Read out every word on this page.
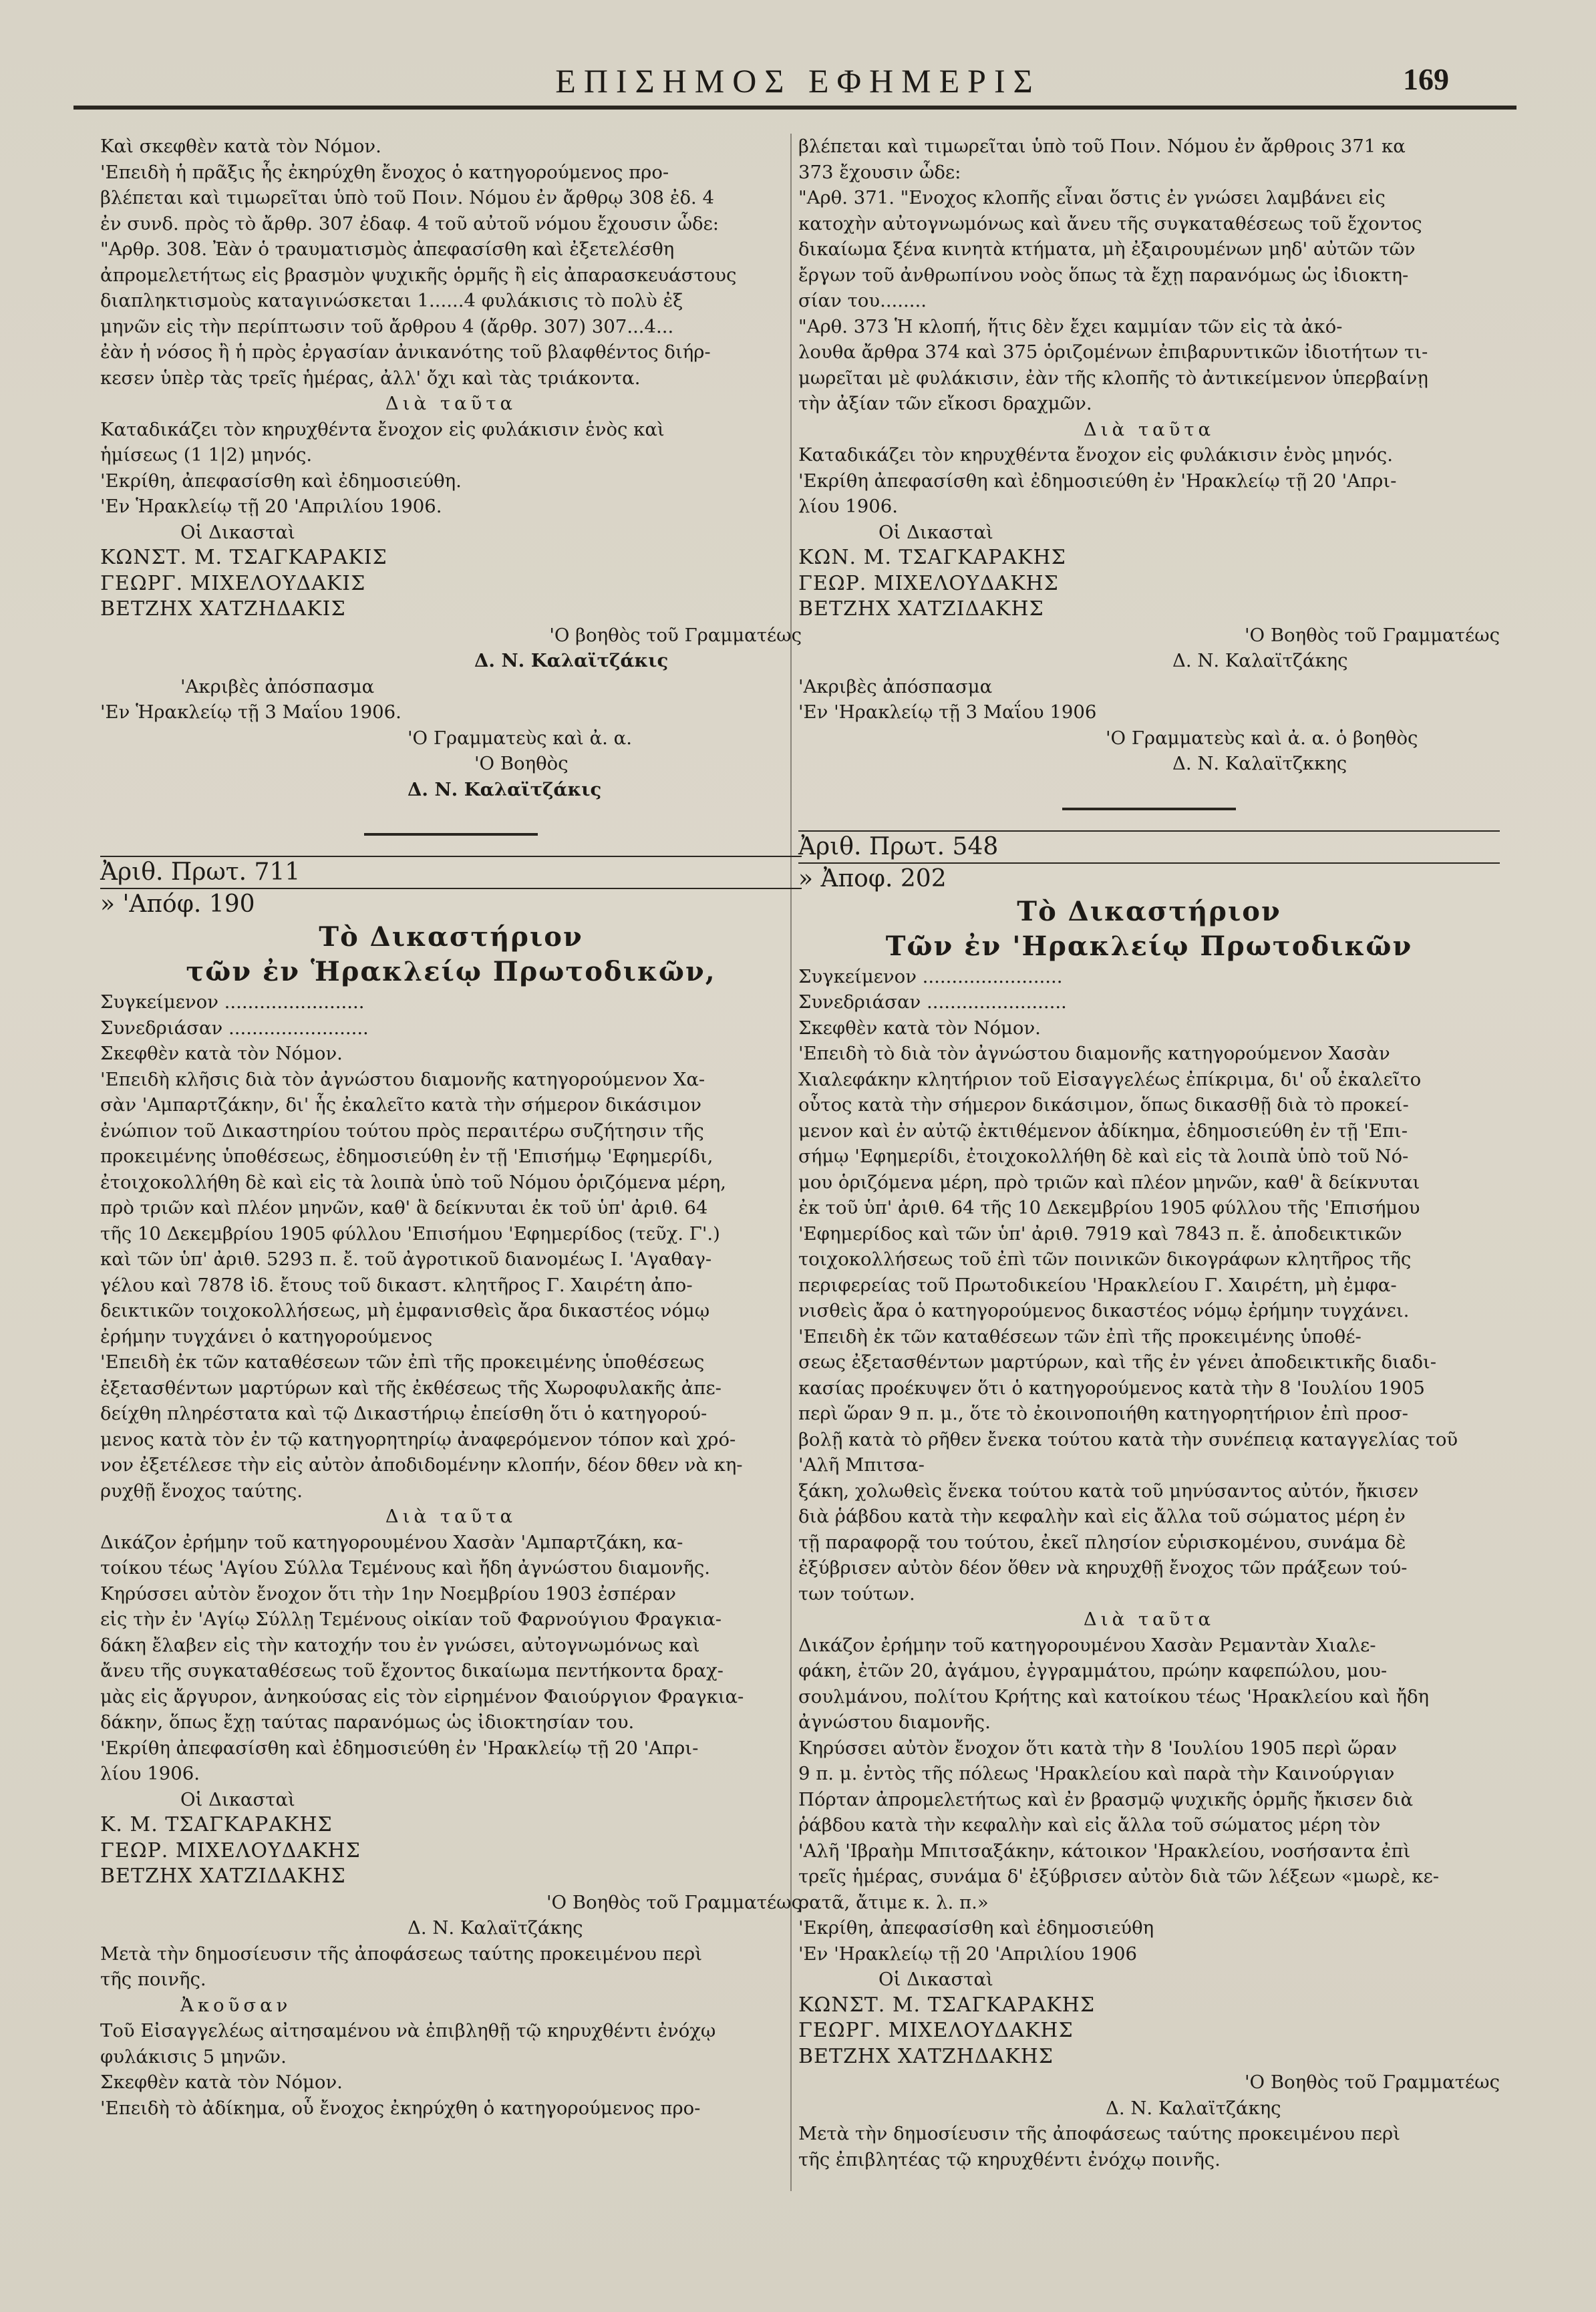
ΕΠΙΣΗΜΟΣ ΕΦΗΜΕΡΙΣ	169

Καὶ σκεφθὲν κατὰ τὸν Νόμον.

'Επειδὴ ἡ πρᾶξις ἧς ἐκηρύχθη ἔνοχος ὁ κατηγορούμενος προ-

βλέπεται καὶ τιμωρεῖται ὑπὸ τοῦ Ποιν. Νόμου ἐν ἄρθρῳ 308 ἐδ. 4

ἐν συνδ. πρὸς τὸ ἄρθρ. 307 ἐδαφ. 4 τοῦ αὐτοῦ νόμου ἔχουσιν ὧδε:

"Αρθρ. 308. Ἐὰν ὁ τραυματισμὸς ἀπεφασίσθη καὶ ἐξετελέσθη

ἀπρομελετήτως εἰς βρασμὸν ψυχικῆς ὁρμῆς ἢ εἰς ἀπαρασκευάστους

διαπληκτισμοὺς καταγινώσκεται 1......4 φυλάκισις τὸ πολὺ ἐξ

μηνῶν εἰς τὴν περίπτωσιν τοῦ ἄρθρου 4 (ἄρθρ. 307) 307...4...

ἐὰν ἡ νόσος ἢ ἡ πρὸς ἐργασίαν ἀνικανότης τοῦ βλαφθέντος διήρ-

κεσεν ὑπὲρ τὰς τρεῖς ἡμέρας, ἀλλ' ὄχι καὶ τὰς τριάκοντα.

Διὰ ταῦτα

Καταδικάζει τὸν κηρυχθέντα ἔνοχον εἰς φυλάκισιν ἑνὸς καὶ

ἡμίσεως (1 1|2) μηνός.

'Εκρίθη, ἀπεφασίσθη καὶ ἐδημοσιεύθη.

'Εν Ἡρακλείῳ τῇ 20 'Απριλίου 1906.

Οἱ Δικασταὶ

ΚΩΝΣΤ. Μ. ΤΣΑΓΚΑΡΑΚΙΣ

ΓΕΩΡΓ. ΜΙΧΕΛΟΥΔΑΚΙΣ

ΒΕΤΖΗΧ ΧΑΤΖΗΔΑΚΙΣ

'Ο βοηθὸς τοῦ Γραμματέως

Δ. Ν. Καλαϊτζάκις

'Ακριβὲς ἀπόσπασμα

'Εν Ἡρακλείῳ τῇ 3 Μαΐου 1906.

'Ο Γραμματεὺς καὶ ἀ. α.

'Ο Βοηθὸς

Δ. Ν. Καλαϊτζάκις

Ἀριθ. Πρωτ. 711
» 'Απόφ. 190

Τὸ Δικαστήριον

τῶν ἐν Ἡρακλείῳ Πρωτοδικῶν,

Συγκείμενον ........................

Συνεδριάσαν ........................

Σκεφθὲν κατὰ τὸν Νόμον.

'Επειδὴ κλῆσις διὰ τὸν ἀγνώστου διαμονῆς κατηγορούμενον Χα-

σὰν 'Αμπαρτζάκην, δι' ἧς ἐκαλεῖτο κατὰ τὴν σήμερον δικάσιμον

ἐνώπιον τοῦ Δικαστηρίου τούτου πρὸς περαιτέρω συζήτησιν τῆς

προκειμένης ὑποθέσεως, ἐδημοσιεύθη ἐν τῇ 'Επισήμῳ 'Εφημερίδι,

ἐτοιχοκολλήθη δὲ καὶ εἰς τὰ λοιπὰ ὑπὸ τοῦ Νόμου ὁριζόμενα μέρη,

πρὸ τριῶν καὶ πλέον μηνῶν, καθ' ἃ δείκνυται ἐκ τοῦ ὑπ' ἀριθ. 64

τῆς 10 Δεκεμβρίου 1905 φύλλου 'Επισήμου 'Εφημερίδος (τεῦχ. Γ'.)

καὶ τῶν ὑπ' ἀριθ. 5293 π. ἔ. τοῦ ἀγροτικοῦ διανομέως Ι. 'Αγαθαγ-

γέλου καὶ 7878 ἰδ. ἔτους τοῦ δικαστ. κλητῆρος Γ. Χαιρέτη ἀπο-

δεικτικῶν τοιχοκολλήσεως, μὴ ἐμφανισθεὶς ἄρα δικαστέος νόμῳ

ἐρήμην τυγχάνει ὁ κατηγορούμενος

'Επειδὴ ἐκ τῶν καταθέσεων τῶν ἐπὶ τῆς προκειμένης ὑποθέσεως

ἐξετασθέντων μαρτύρων καὶ τῆς ἐκθέσεως τῆς Χωροφυλακῆς ἀπε-

δείχθη πληρέστατα καὶ τῷ Δικαστήριῳ ἐπείσθη ὅτι ὁ κατηγορού-

μενος κατὰ τὸν ἐν τῷ κατηγορητηρίῳ ἀναφερόμενον τόπον καὶ χρό-

νον ἐξετέλεσε τὴν εἰς αὐτὸν ἀποδιδομένην κλοπήν, δέον δθεν νὰ κη-

ρυχθῇ ἔνοχος ταύτης.

Διὰ ταῦτα

Δικάζον ἐρήμην τοῦ κατηγορουμένου Χασὰν 'Αμπαρτζάκη, κα-

τοίκου τέως 'Αγίου Σύλλα Τεμένους καὶ ἤδη ἀγνώστου διαμονῆς.

Κηρύσσει αὐτὸν ἔνοχον ὅτι τὴν 1ην Νοεμβρίου 1903 ἐσπέραν

εἰς τὴν ἐν 'Αγίῳ Σύλλῃ Τεμένους οἰκίαν τοῦ Φαρνούγιου Φραγκια-

δάκη ἔλαβεν εἰς τὴν κατοχήν του ἐν γνώσει, αὐτογνωμόνως καὶ

ἄνευ τῆς συγκαταθέσεως τοῦ ἔχοντος δικαίωμα πεντήκοντα δραχ-

μὰς εἰς ἄργυρον, ἀνηκούσας εἰς τὸν εἰρημένον Φαιούργιον Φραγκια-

δάκην, ὅπως ἔχῃ ταύτας παρανόμως ὡς ἰδιοκτησίαν του.

'Εκρίθη ἀπεφασίσθη καὶ ἐδημοσιεύθη ἐν 'Ηρακλείῳ τῇ 20 'Απρι-

λίου 1906.

Οἱ Δικασταὶ

Κ. Μ. ΤΣΑΓΚΑΡΑΚΗΣ

ΓΕΩΡ. ΜΙΧΕΛΟΥΔΑΚΗΣ

ΒΕΤΖΗΧ ΧΑΤΖΙΔΑΚΗΣ

'Ο Βοηθὸς τοῦ Γραμματέως

Δ. Ν. Καλαϊτζάκης

Μετὰ τὴν δημοσίευσιν τῆς ἀποφάσεως ταύτης προκειμένου περὶ

τῆς ποινῆς.

Ἀκοῦσαν

Τοῦ Εἰσαγγελέως αἰτησαμένου νὰ ἐπιβληθῇ τῷ κηρυχθέντι ἐνόχῳ

φυλάκισις 5 μηνῶν.

Σκεφθὲν κατὰ τὸν Νόμον.

'Επειδὴ τὸ ἀδίκημα, οὗ ἔνοχος ἐκηρύχθη ὁ κατηγορούμενος προ-

βλέπεται καὶ τιμωρεῖται ὑπὸ τοῦ Ποιν. Νόμου ἐν ἄρθροις 371 κα

373 ἔχουσιν ὧδε:

"Αρθ. 371. "Ενοχος κλοπῆς εἶναι ὅστις ἐν γνώσει λαμβάνει εἰς

κατοχὴν αὐτογνωμόνως καὶ ἄνευ τῆς συγκαταθέσεως τοῦ ἔχοντος

δικαίωμα ξένα κινητὰ κτήματα, μὴ ἐξαιρουμένων μηδ' αὐτῶν τῶν

ἔργων τοῦ ἀνθρωπίνου νοὸς ὅπως τὰ ἔχῃ παρανόμως ὡς ἰδιοκτη-

σίαν του........

"Αρθ. 373 Ἡ κλοπή, ἥτις δὲν ἔχει καμμίαν τῶν εἰς τὰ ἀκό-

λουθα ἄρθρα 374 καὶ 375 ὁριζομένων ἐπιβαρυντικῶν ἰδιοτήτων τι-

μωρεῖται μὲ φυλάκισιν, ἐὰν τῆς κλοπῆς τὸ ἀντικείμενον ὑπερβαίνῃ

τὴν ἀξίαν τῶν εἴκοσι δραχμῶν.

Διὰ ταῦτα

Καταδικάζει τὸν κηρυχθέντα ἔνοχον εἰς φυλάκισιν ἑνὸς μηνός.

'Εκρίθη ἀπεφασίσθη καὶ ἐδημοσιεύθη ἐν 'Ηρακλείῳ τῇ 20 'Απρι-

λίου 1906.

Οἱ Δικασταὶ

ΚΩΝ. Μ. ΤΣΑΓΚΑΡΑΚΗΣ

ΓΕΩΡ. ΜΙΧΕΛΟΥΔΑΚΗΣ

ΒΕΤΖΗΧ ΧΑΤΖΙΔΑΚΗΣ

'Ο Βοηθὸς τοῦ Γραμματέως

Δ. Ν. Καλαϊτζάκης

'Ακριβὲς ἀπόσπασμα

'Εν 'Ηρακλείῳ τῇ 3 Μαΐου 1906

'Ο Γραμματεὺς καὶ ἀ. α. ὁ βοηθὸς

Δ. Ν. Καλαϊτζκκης

Ἀριθ. Πρωτ. 548
» Ἀποφ. 202

Τὸ Δικαστήριον

Τῶν ἐν 'Ηρακλείῳ Πρωτοδικῶν

Συγκείμενον ........................

Συνεδριάσαν ........................

Σκεφθὲν κατὰ τὸν Νόμον.

'Επειδὴ τὸ διὰ τὸν ἀγνώστου διαμονῆς κατηγορούμενον Χασὰν

Χιαλεφάκην κλητήριον τοῦ Εἰσαγγελέως ἐπίκριμα, δι' οὗ ἐκαλεῖτο

οὗτος κατὰ τὴν σήμερον δικάσιμον, ὅπως δικασθῇ διὰ τὸ προκεί-

μενον καὶ ἐν αὐτῷ ἐκτιθέμενον ἀδίκημα, ἐδημοσιεύθη ἐν τῇ 'Επι-

σήμῳ 'Εφημερίδι, ἐτοιχοκολλήθη δὲ καὶ εἰς τὰ λοιπὰ ὑπὸ τοῦ Νό-

μου ὁριζόμενα μέρη, πρὸ τριῶν καὶ πλέον μηνῶν, καθ' ἃ δείκνυται

ἐκ τοῦ ὑπ' ἀριθ. 64 τῆς 10 Δεκεμβρίου 1905 φύλλου τῆς 'Επισήμου

'Εφημερίδος καὶ τῶν ὑπ' ἀριθ. 7919 καὶ 7843 π. ἔ. ἀποδεικτικῶν

τοιχοκολλήσεως τοῦ ἐπὶ τῶν ποινικῶν δικογράφων κλητῆρος τῆς

περιφερείας τοῦ Πρωτοδικείου 'Ηρακλείου Γ. Χαιρέτη, μὴ ἐμφα-

νισθεὶς ἄρα ὁ κατηγορούμενος δικαστέος νόμῳ ἐρήμην τυγχάνει.

'Επειδὴ ἐκ τῶν καταθέσεων τῶν ἐπὶ τῆς προκειμένης ὑποθέ-

σεως ἐξετασθέντων μαρτύρων, καὶ τῆς ἐν γένει ἀποδεικτικῆς διαδι-

κασίας προέκυψεν ὅτι ὁ κατηγορούμενος κατὰ τὴν 8 'Ιουλίου 1905

περὶ ὥραν 9 π. μ., ὅτε τὸ ἐκοινοποιήθη κατηγορητήριον ἐπὶ προσ-

βολῇ κατὰ τὸ ρῆθεν ἔνεκα τούτου κατὰ τὴν συνέπειᾳ καταγγελίας τοῦ 'Αλῆ Μπιτσα-

ξάκη, χολωθεὶς ἕνεκα τούτου κατὰ τοῦ μηνύσαντος αὐτόν, ἤκισεν

διὰ ῥάβδου κατὰ τὴν κεφαλὴν καὶ εἰς ἄλλα τοῦ σώματος μέρη ἐν

τῇ παραφορᾷ του τούτου, ἐκεῖ πλησίον εὑρισκομένου, συνάμα δὲ

ἐξύβρισεν αὐτὸν δέον ὅθεν νὰ κηρυχθῇ ἔνοχος τῶν πράξεων τού-

των τούτων.

Διὰ ταῦτα

Δικάζον ἐρήμην τοῦ κατηγορουμένου Χασὰν Ρεμαντὰν Χιαλε-

φάκη, ἐτῶν 20, ἀγάμου, ἐγγραμμάτου, πρώην καφεπώλου, μου-

σουλμάνου, πολίτου Κρήτης καὶ κατοίκου τέως 'Ηρακλείου καὶ ἤδη

ἀγνώστου διαμονῆς.

Κηρύσσει αὐτὸν ἔνοχον ὅτι κατὰ τὴν 8 'Ιουλίου 1905 περὶ ὥραν

9 π. μ. ἐντὸς τῆς πόλεως 'Ηρακλείου καὶ παρὰ τὴν Καινούργιαν

Πόρταν ἀπρομελετήτως καὶ ἐν βρασμῷ ψυχικῆς ὁρμῆς ἤκισεν διὰ

ῥάβδου κατὰ τὴν κεφαλὴν καὶ εἰς ἄλλα τοῦ σώματος μέρη τὸν

'Αλῆ 'Ιβραὴμ Μπιτσαξάκην, κάτοικον 'Ηρακλείου, νοσήσαντα ἐπὶ

τρεῖς ἡμέρας, συνάμα δ' ἐξύβρισεν αὐτὸν διὰ τῶν λέξεων «μωρὲ, κε-

ρατᾶ, ἄτιμε κ. λ. π.»

'Εκρίθη, ἀπεφασίσθη καὶ ἐδημοσιεύθη

'Εν 'Ηρακλείῳ τῇ 20 'Απριλίου 1906

Οἱ Δικασταὶ

ΚΩΝΣΤ. Μ. ΤΣΑΓΚΑΡΑΚΗΣ

ΓΕΩΡΓ. ΜΙΧΕΛΟΥΔΑΚΗΣ

ΒΕΤΖΗΧ ΧΑΤΖΗΔΑΚΗΣ

'Ο Βοηθὸς τοῦ Γραμματέως

Δ. Ν. Καλαϊτζάκης

Μετὰ τὴν δημοσίευσιν τῆς ἀποφάσεως ταύτης προκειμένου περὶ

τῆς ἐπιβλητέας τῷ κηρυχθέντι ἐνόχῳ ποινῆς.
